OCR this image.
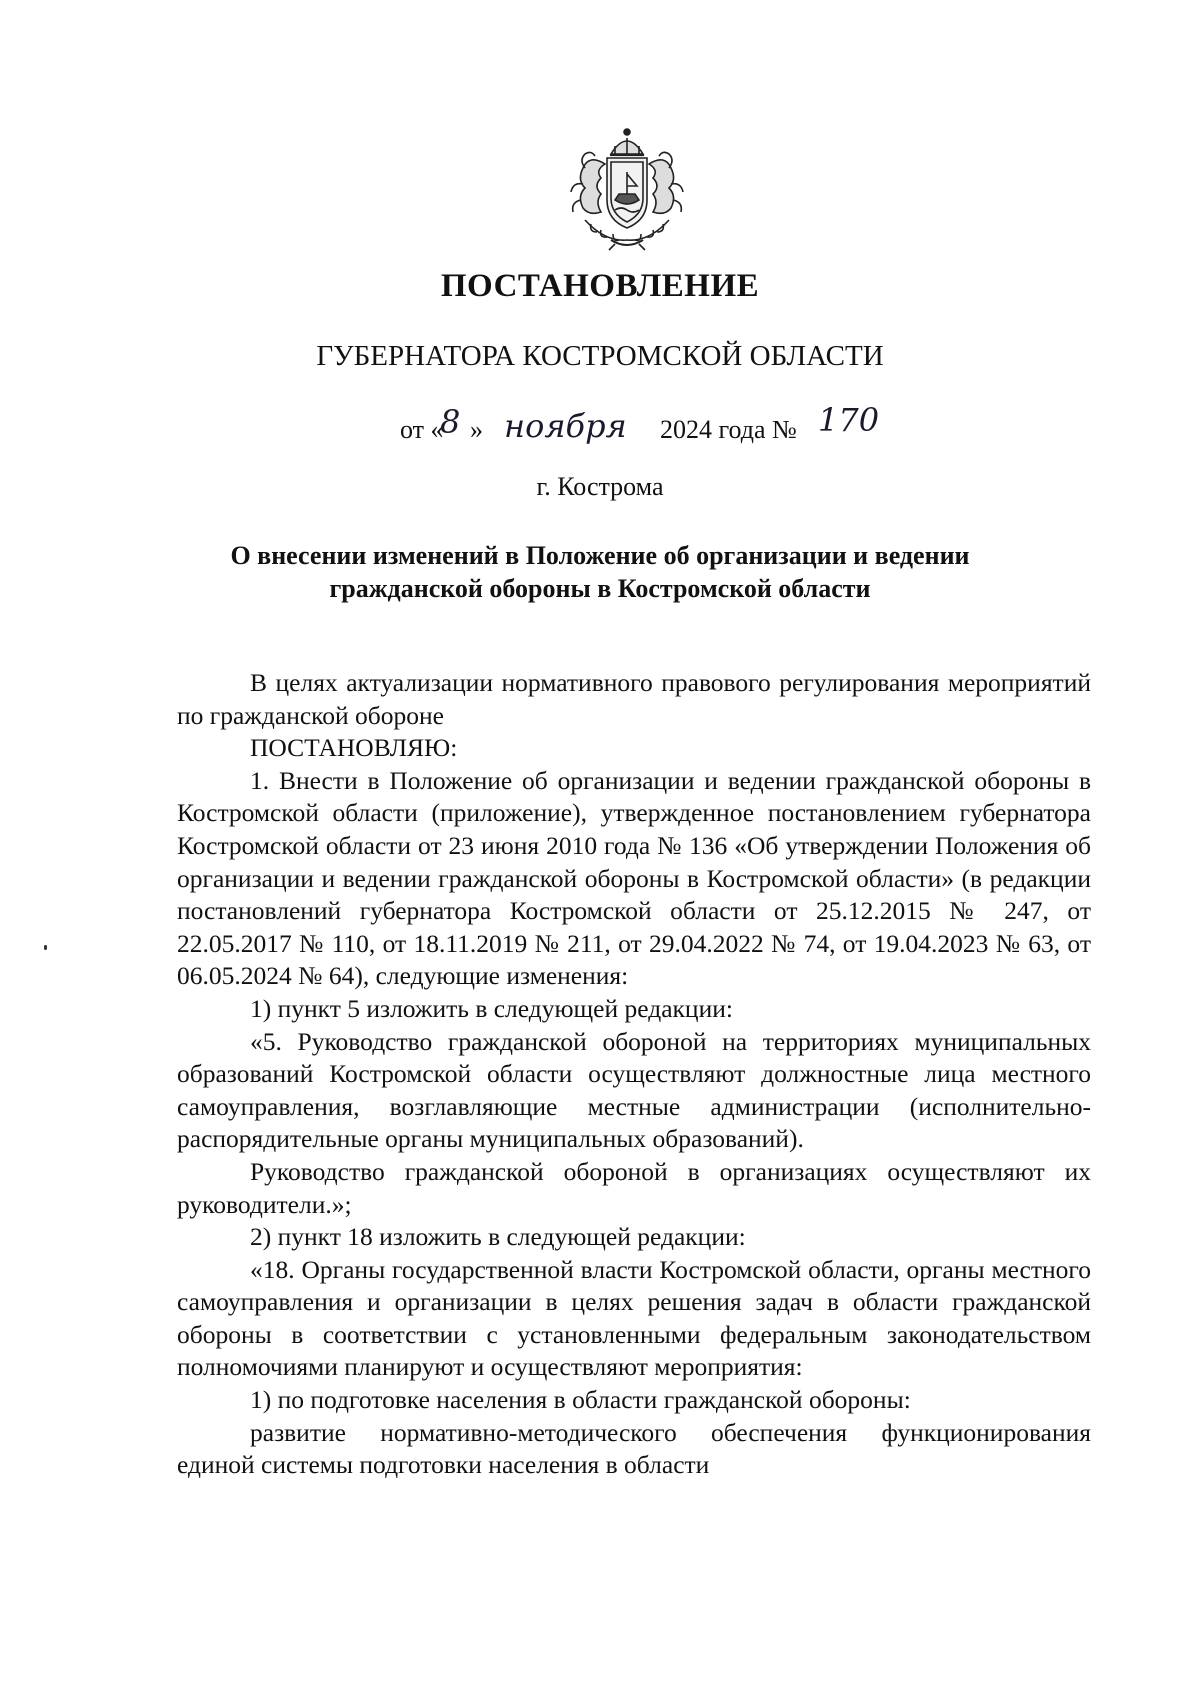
ПОСТАНОВЛЕНИЕ
ГУБЕРНАТОРА КОСТРОМСКОЙ ОБЛАСТИ
от «
8 » ноября 2024 года № 170
г. Кострома
О внесении изменений в Положение об организации и ведении
гражданской обороны в Костромской области

В целях актуализации нормативного правового регулирования мероприятий по гражданской обороне

ПОСТАНОВЛЯЮ:

1. Внести в Положение об организации и ведении гражданской обороны в Костромской области (приложение), утвержденное постановлением губернатора Костромской области от 23 июня 2010 года № 136 «Об утверждении Положения об организации и ведении гражданской обороны в Костромской области» (в редакции постановлений губернатора Костромской области от 25.12.2015 № 247, от 22.05.2017 № 110, от 18.11.2019 № 211, от 29.04.2022 № 74, от 19.04.2023 № 63, от 06.05.2024 № 64), следующие изменения:

1) пункт 5 изложить в следующей редакции:

«5. Руководство гражданской обороной на территориях муниципальных образований Костромской области осуществляют должностные лица местного самоуправления, возглавляющие местные администрации (исполнительно-распорядительные органы муниципальных образований).

Руководство гражданской обороной в организациях осуществляют их руководители.»;

2) пункт 18 изложить в следующей редакции:

«18. Органы государственной власти Костромской области, органы местного самоуправления и организации в целях решения задач в области гражданской обороны в соответствии с установленными федеральным законодательством полномочиями планируют и осуществляют мероприятия:

1) по подготовке населения в области гражданской обороны:

развитие нормативно-методического обеспечения функционирования единой системы подготовки населения в области
